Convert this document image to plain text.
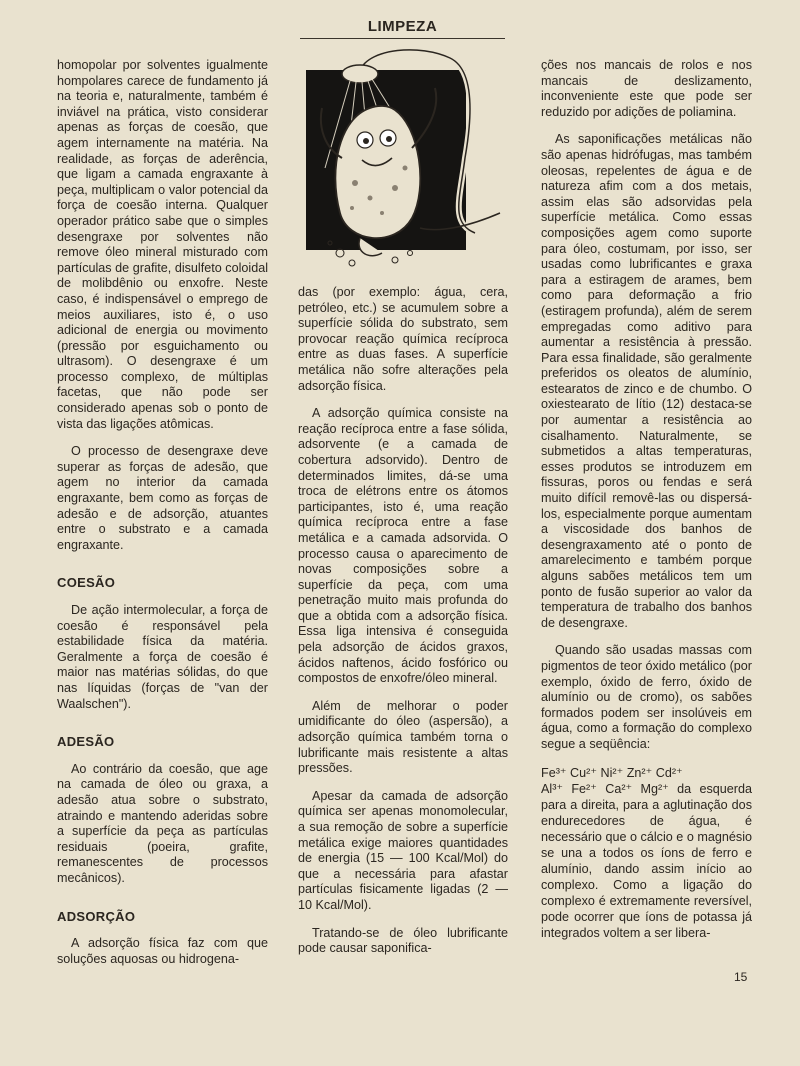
LIMPEZA

homopolar por solventes igualmente hompolares carece de fundamento já na teoria e, naturalmente, também é inviável na prática, visto considerar apenas as forças de coesão, que agem internamente na matéria. Na realidade, as forças de aderência, que ligam a camada engraxante à peça, multiplicam o valor potencial da força de coesão interna. Qualquer operador prático sabe que o simples desengraxe por solventes não remove óleo mineral misturado com partículas de grafite, disulfeto coloidal de molibdênio ou enxofre. Neste caso, é indispensável o emprego de meios auxiliares, isto é, o uso adicional de energia ou movimento (pressão por esguichamento ou ultrasom). O desengraxe é um processo complexo, de múltiplas facetas, que não pode ser considerado apenas sob o ponto de vista das ligações atômicas.

O processo de desengraxe deve superar as forças de adesão, que agem no interior da camada engraxante, bem como as forças de adesão e de adsorção, atuantes entre o substrato e a camada engraxante.

COESÃO

De ação intermolecular, a força de coesão é responsável pela estabilidade física da matéria. Geralmente a força de coesão é maior nas matérias sólidas, do que nas líquidas (forças de "van der Waalschen").

ADESÃO

Ao contrário da coesão, que age na camada de óleo ou graxa, a adesão atua sobre o substrato, atraindo e mantendo aderidas sobre a superfície da peça as partículas residuais (poeira, grafite, remanescentes de processos mecânicos).

ADSORÇÃO

A adsorção física faz com que soluções aquosas ou hidrogena-

das (por exemplo: água, cera, petróleo, etc.) se acumulem sobre a superfície sólida do substrato, sem provocar reação química recíproca entre as duas fases. A superfície metálica não sofre alterações pela adsorção física.

A adsorção química consiste na reação recíproca entre a fase sólida, adsorvente (e a camada de cobertura adsorvido). Dentro de determinados limites, dá-se uma troca de elétrons entre os átomos participantes, isto é, uma reação química recíproca entre a fase metálica e a camada adsorvida. O processo causa o aparecimento de novas composições sobre a superfície da peça, com uma penetração muito mais profunda do que a obtida com a adsorção física. Essa liga intensiva é conseguida pela adsorção de ácidos graxos, ácidos naftenos, ácido fosfórico ou compostos de enxofre/óleo mineral.

Além de melhorar o poder umidificante do óleo (aspersão), a adsorção química também torna o lubrificante mais resistente a altas pressões.

Apesar da camada de adsorção química ser apenas monomolecular, a sua remoção de sobre a superfície metálica exige maiores quantidades de energia (15 — 100 Kcal/Mol) do que a necessária para afastar partículas fisicamente ligadas (2 — 10 Kcal/Mol).

Tratando-se de óleo lubrificante pode causar saponifica-

ções nos mancais de rolos e nos mancais de deslizamento, inconveniente este que pode ser reduzido por adições de poliamina.

As saponificações metálicas não são apenas hidrófugas, mas também oleosas, repelentes de água e de natureza afim com a dos metais, assim elas são adsorvidas pela superfície metálica. Como essas composições agem como suporte para óleo, costumam, por isso, ser usadas como lubrificantes e graxa para a estiragem de arames, bem como para deformação a frio (estiragem profunda), além de serem empregadas como aditivo para aumentar a resistência à pressão. Para essa finalidade, são geralmente preferidos os oleatos de alumínio, estearatos de zinco e de chumbo. O oxiestearato de lítio (12) destaca-se por aumentar a resistência ao cisalhamento. Naturalmente, se submetidos a altas temperaturas, esses produtos se introduzem em fissuras, poros ou fendas e será muito difícil removê-las ou dispersá-los, especialmente porque aumentam a viscosidade dos banhos de desengraxamento até o ponto de amarelecimento e também porque alguns sabões metálicos tem um ponto de fusão superior ao valor da temperatura de trabalho dos banhos de desengraxe.

Quando são usadas massas com pigmentos de teor óxido metálico (por exemplo, óxido de ferro, óxido de alumínio ou de cromo), os sabões formados podem ser insolúveis em água, como a formação do complexo segue a seqüência:

Fe³⁺ Cu²⁺ Ni²⁺ Zn²⁺ Cd²⁺
Al³⁺ Fe²⁺ Ca²⁺ Mg²⁺ da esquerda para a direita, para a aglutinação dos endurecedores de água, é necessário que o cálcio e o magnésio se una a todos os íons de ferro e alumínio, dando assim início ao complexo. Como a ligação do complexo é extremamente reversível, pode ocorrer que íons de potassa já integrados voltem a ser libera-

15
